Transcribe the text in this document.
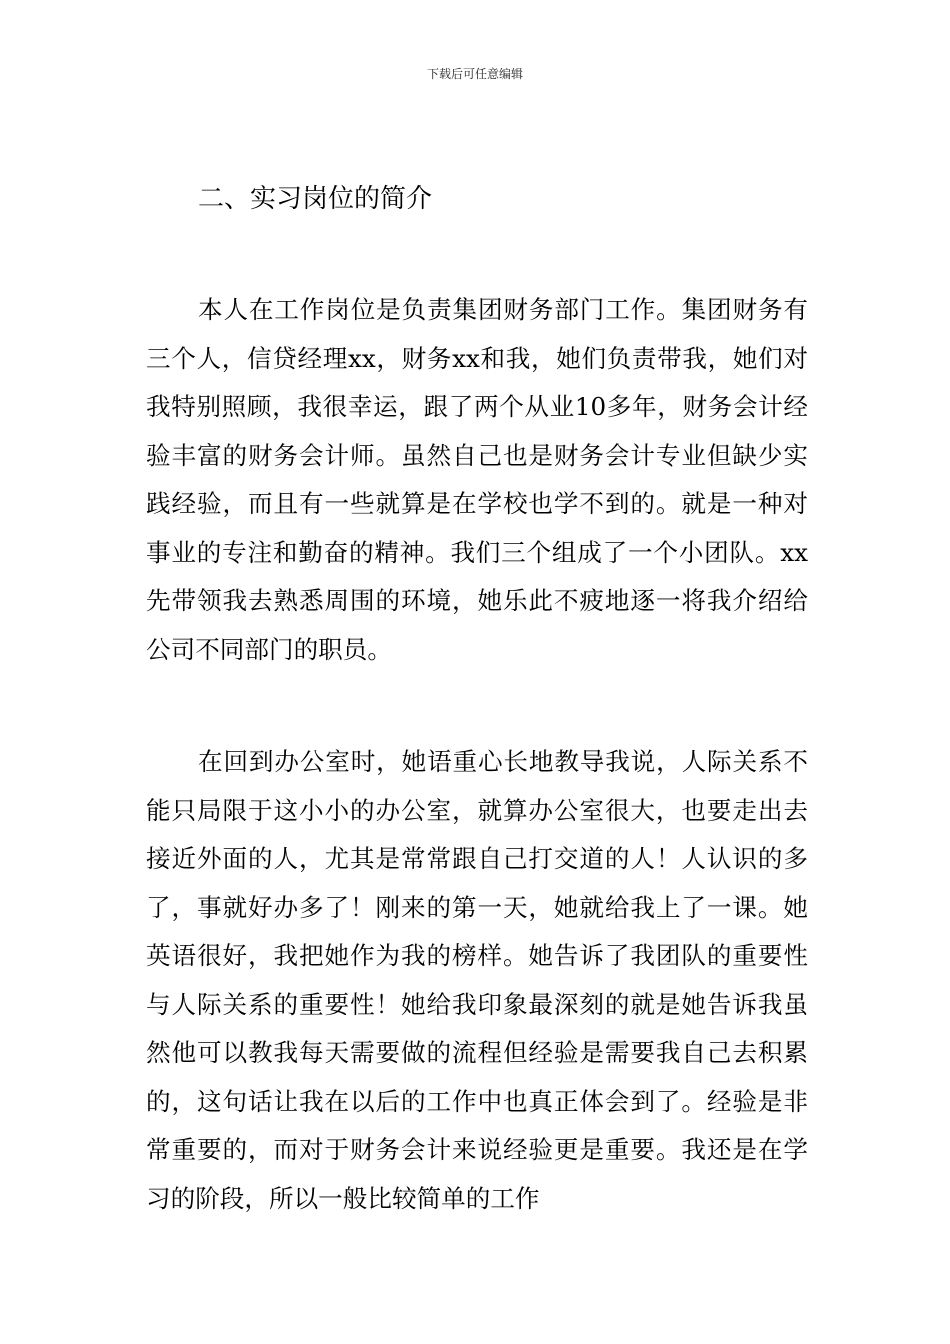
下载后可任意编辑
二、实习岗位的简介

本人在工作岗位是负责集团财务部门工作。集团财务有三个人，信贷经理xx，财务xx和我，她们负责带我，她们对我特别照顾，我很幸运，跟了两个从业10多年，财务会计经验丰富的财务会计师。虽然自己也是财务会计专业但缺少实践经验，而且有一些就算是在学校也学不到的。就是一种对事业的专注和勤奋的精神。我们三个组成了一个小团队。xx先带领我去熟悉周围的环境，她乐此不疲地逐一将我介绍给公司不同部门的职员。

在回到办公室时，她语重心长地教导我说，人际关系不能只局限于这小小的办公室，就算办公室很大，也要走出去接近外面的人，尤其是常常跟自己打交道的人！人认识的多了，事就好办多了！刚来的第一天，她就给我上了一课。她英语很好，我把她作为我的榜样。她告诉了我团队的重要性与人际关系的重要性！她给我印象最深刻的就是她告诉我虽然他可以教我每天需要做的流程但经验是需要我自己去积累的，这句话让我在以后的工作中也真正体会到了。经验是非常重要的，而对于财务会计来说经验更是重要。我还是在学习的阶段，所以一般比较简单的工作
